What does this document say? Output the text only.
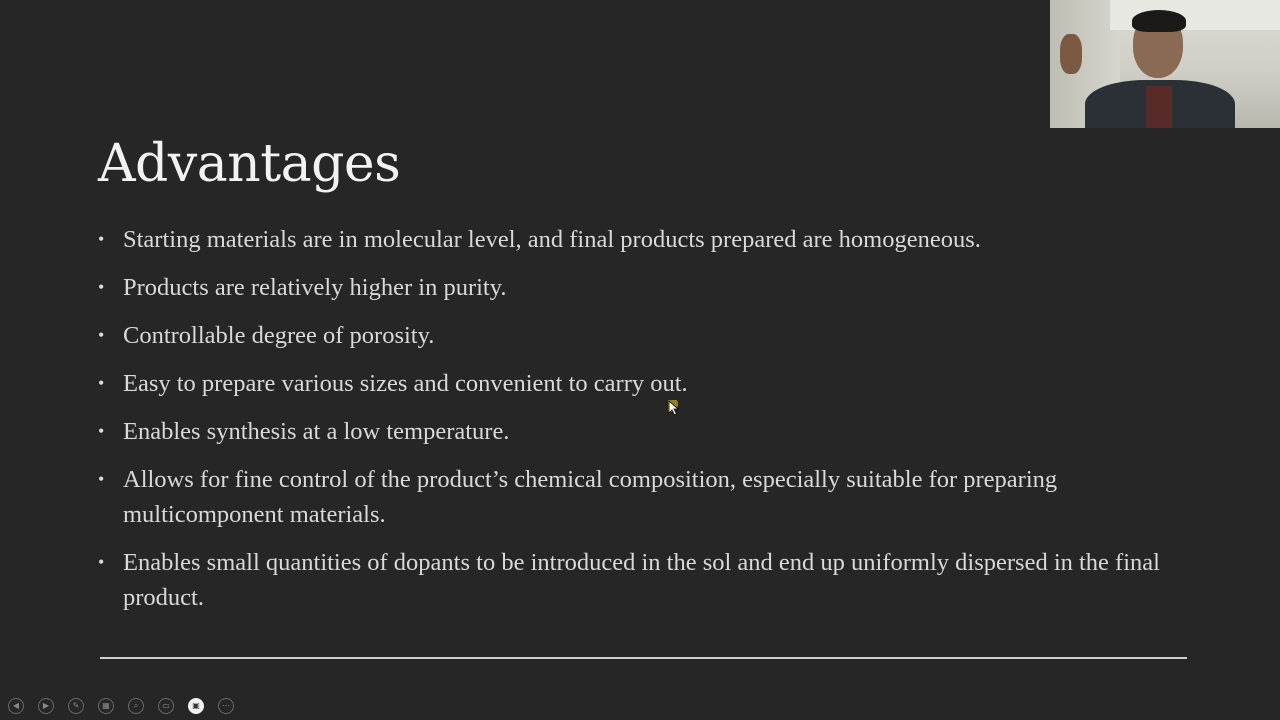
Advantages
• Starting materials are in molecular level, and final products prepared are homogeneous.
• Products are relatively higher in purity.
• Controllable degree of porosity.
• Easy to prepare various sizes and convenient to carry out.
• Enables synthesis at a low temperature.
• Allows for fine control of the product’s chemical composition, especially suitable for preparing multicomponent materials.
• Enables small quantities of dopants to be introduced in the sol and end up uniformly dispersed in the final product.
◀	▶	✎	▦	⌕	▭	▣	⋯
